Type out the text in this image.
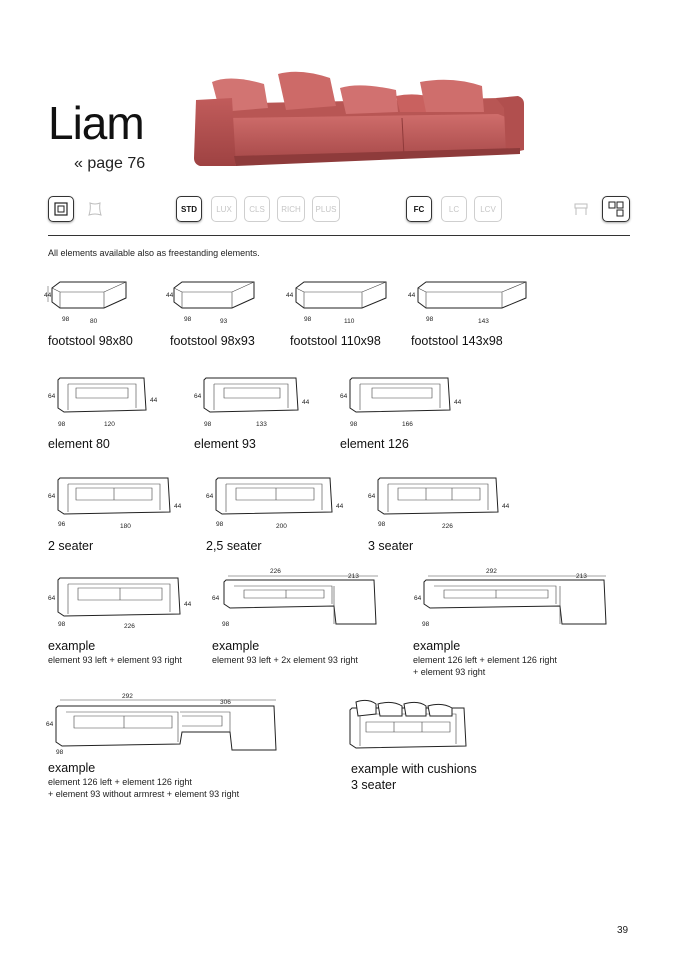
Liam
« page 76
STD	LUX	CLS	RICH	PLUS	FC	LC	LCV
All elements available also as freestanding elements.
44
98	80
footstool 98x80
44
98	93
footstool 98x93
44
98	110
footstool 110x98
44
98	143
footstool 143x98
64
44
98	120
element 80
64
44
98	133
element 93
64
44
98	166
element 126
64
44
96	180
2 seater
64
44
98	200
2,5 seater
64
44
98	226
3 seater
64
44
98	226
example
element 93 left + element 93 right
226
213
64
98
example
element 93 left + 2x element 93 right
292
213
64
98
example
element 126 left + element 126 right
+ element 93 right
292
306
64
98
example
element 126 left + element 126 right
+ element 93 without armrest + element 93 right
example with cushions
3 seater
39
